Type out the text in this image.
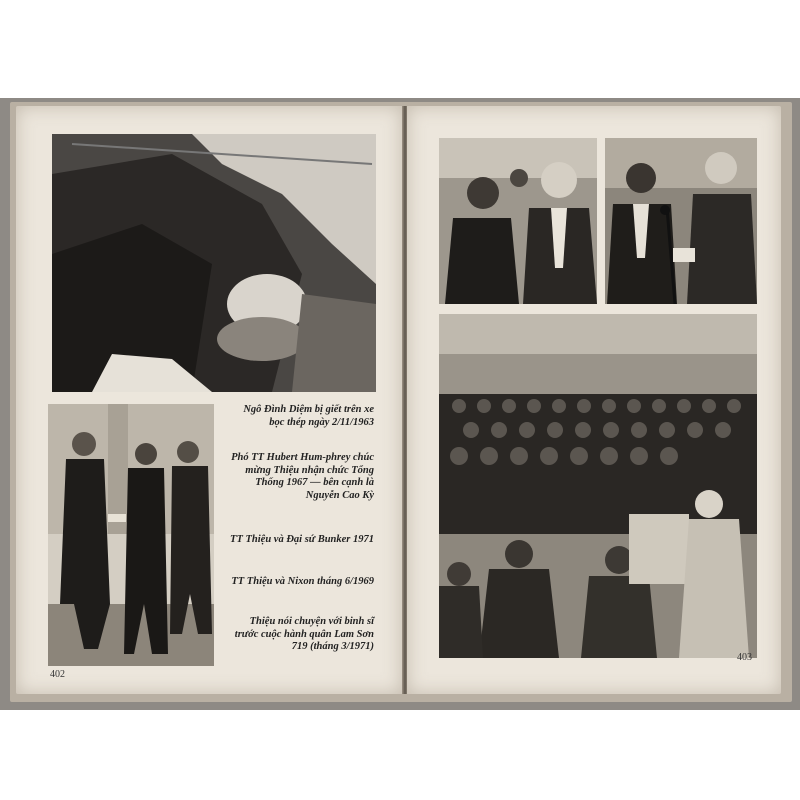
Ngô Đình Diệm bị giết trên xe bọc thép ngày 2/11/1963

Phó TT Hubert Hum-phrey chúc mừng Thiệu nhận chức Tổng Thống 1967 — bên cạnh là Nguyễn Cao Kỳ

TT Thiệu và Đại sứ Bunker 1971

TT Thiệu và Nixon tháng 6/1969

Thiệu nói chuyện với binh sĩ trước cuộc hành quân Lam Sơn 719 (tháng 3/1971)

402
403
